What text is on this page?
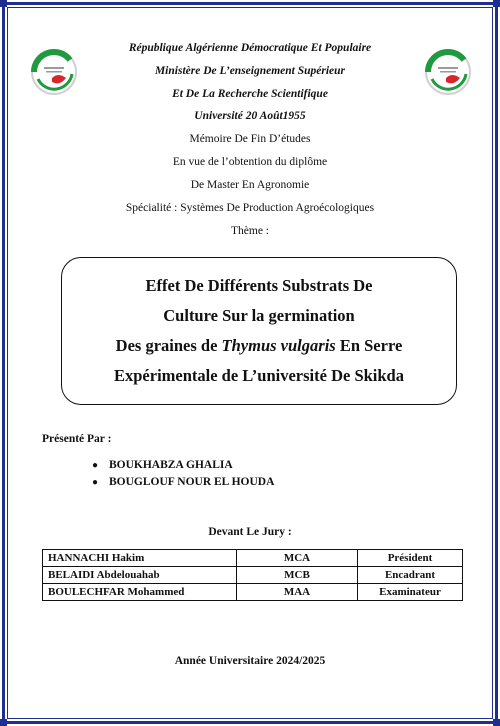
République Algérienne Démocratique Et Populaire
Ministère De L’enseignement Supérieur
Et De La Recherche Scientifique
Université 20 Août1955
Mémoire De Fin D’études
En vue de l’obtention du diplôme
De Master En Agronomie
Spécialité : Systèmes De Production Agroécologiques
Thème :
Effet De Différents Substrats De
Culture Sur la germination
Des graines de Thymus vulgaris En Serre
Expérimentale de L’université De Skikda
Présenté Par :
● BOUKHABZA GHALIA
● BOUGLOUF NOUR EL HOUDA
Devant Le Jury :
HANNACHI Hakim	MCA	Président
BELAIDI Abdelouahab	MCB	Encadrant
BOULECHFAR Mohammed	MAA	Examinateur
Année Universitaire 2024/2025
